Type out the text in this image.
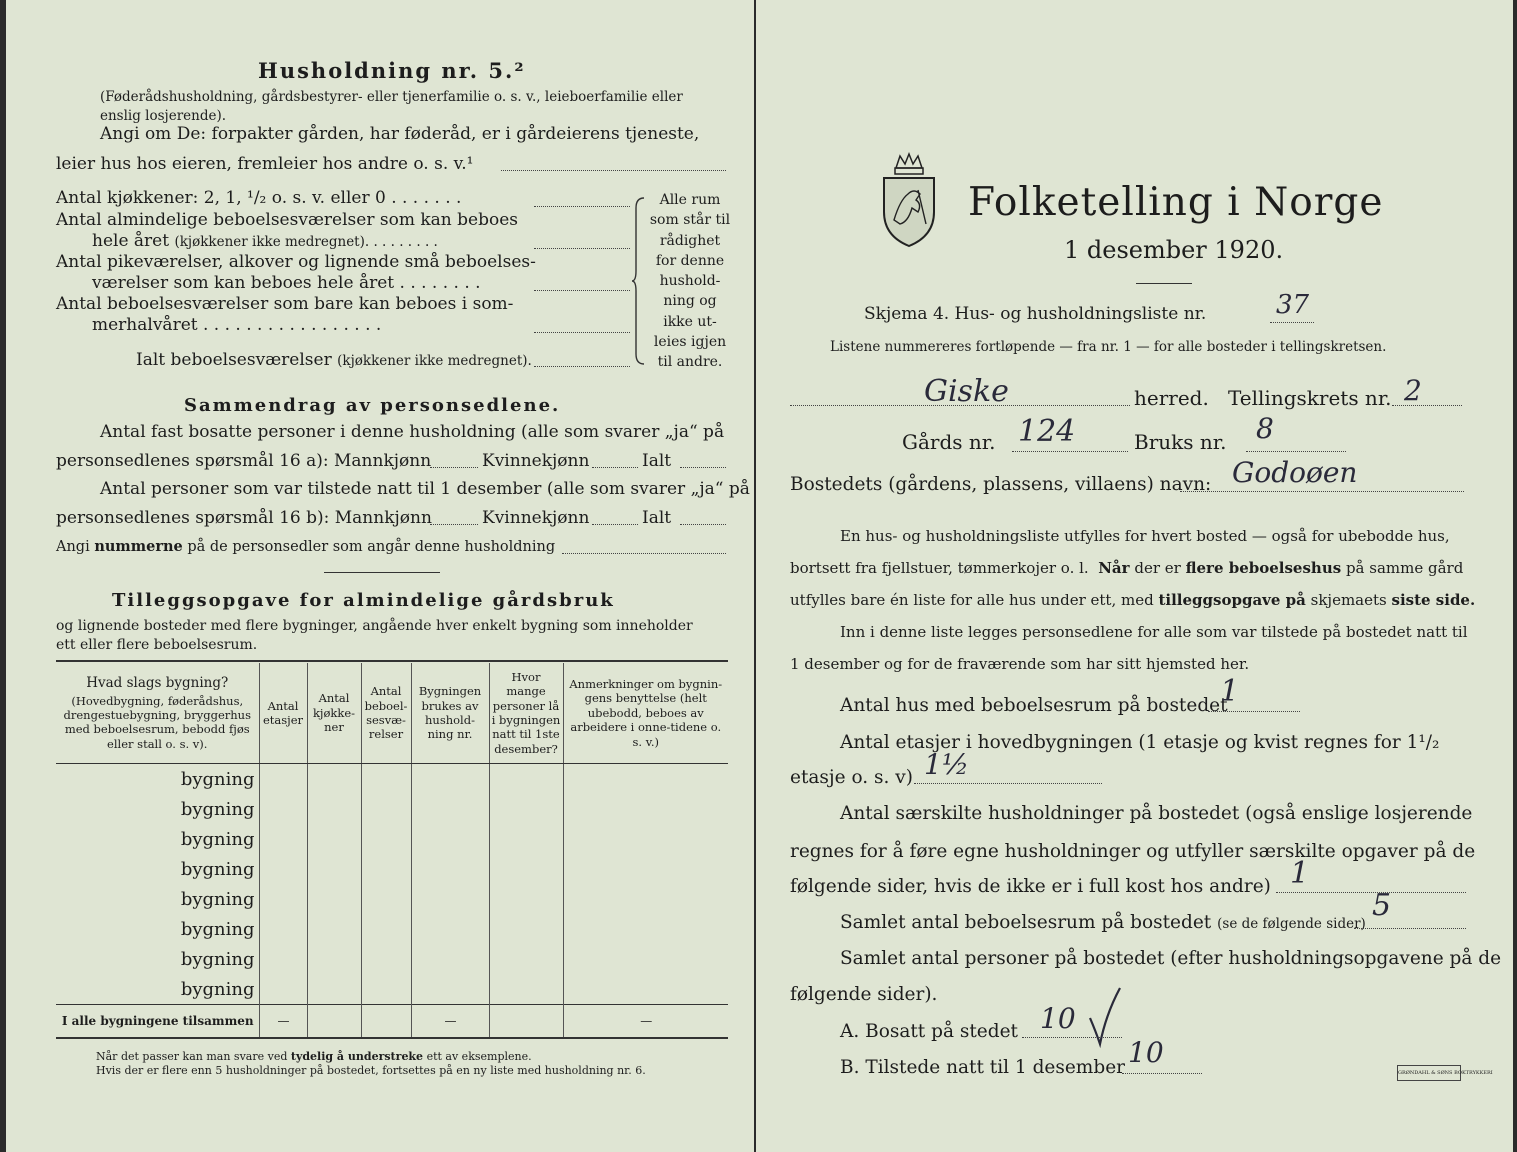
Husholdning nr. 5.²
(Føderådshusholdning, gårdsbestyrer- eller tjenerfamilie o. s. v., leieboerfamilie eller enslig losjerende).
Angi om De: forpakter gården, har føderåd, er i gårdeierens tjeneste,
leier hus hos eieren, fremleier hos andre o. s. v.¹
Antal kjøkkener: 2, 1, ¹/₂ o. s. v. eller 0 . . . . . . .
Antal almindelige beboelsesværelser som kan beboes
hele året (kjøkkener ikke medregnet). . . . . . . . .
Antal pikeværelser, alkover og lignende små beboelses-
værelser som kan beboes hele året . . . . . . . .
Antal beboelsesværelser som bare kan beboes i som-
merhalvåret . . . . . . . . . . . . . . . . .
Ialt beboelsesværelser (kjøkkener ikke medregnet).
Alle rum
som står til
rådighet
for denne
hushold-
ning og
ikke ut-
leies igjen
til andre.
Sammendrag av personsedlene.
Antal fast bosatte personer i denne husholdning (alle som svarer „ja“ på
personsedlenes spørsmål 16 a): Mannkjønn	Kvinnekjønn	Ialt
Antal personer som var tilstede natt til 1 desember (alle som svarer „ja“ på
personsedlenes spørsmål 16 b): Mannkjønn	Kvinnekjønn	Ialt
Angi nummerne på de personsedler som angår denne husholdning
Tilleggsopgave for almindelige gårdsbruk
og lignende bosteder med flere bygninger, angående hver enkelt bygning som inneholder
ett eller flere beboelsesrum.
Hvad slags bygning?
(Hovedbygning, føderådshus, drengestuebygning, bryggerhus med beboelsesrum, bebodd fjøs eller stall o. s. v).	Antal etasjer	Antal kjøkke-ner	Antal beboel-sesvæ-relser	Bygningen brukes av hushold-ning nr.	Hvor mange personer lå i bygningen natt til 1ste desember?	Anmerkninger om bygnin-gens benyttelse (helt ubebodd, beboes av arbeidere i onne-tidene o. s. v.)
bygning						
bygning						
bygning						
bygning						
bygning						
bygning						
bygning						
bygning						
I alle bygningene tilsammen	—			—		—
Når det passer kan man svare ved tydelig å understreke ett av eksemplene.
Hvis der er flere enn 5 husholdninger på bostedet, fortsettes på en ny liste med husholdning nr. 6.
Folketelling i Norge
1 desember 1920.
Skjema 4. Hus- og husholdningsliste nr.	37
Listene nummereres fortløpende — fra nr. 1 — for alle bosteder i tellingskretsen.
Giske	herred. Tellingskrets nr. 2
Gårds nr. 124	Bruks nr. 8
Bostedets (gårdens, plassens, villaens) navn: Godoøen
En hus- og husholdningsliste utfylles for hvert bosted — også for ubebodde hus,
bortsett fra fjellstuer, tømmerkojer o. l. Når der er flere beboelseshus på samme gård
utfylles bare én liste for alle hus under ett, med tilleggsopgave på skjemaets siste side.
Inn i denne liste legges personsedlene for alle som var tilstede på bostedet natt til
1 desember og for de fraværende som har sitt hjemsted her.
Antal hus med beboelsesrum på bostedet
1
Antal etasjer i hovedbygningen (1 etasje og kvist regnes for 1¹/₂
etasje o. s. v) 1½
Antal særskilte husholdninger på bostedet (også enslige losjerende
regnes for å føre egne husholdninger og utfyller særskilte opgaver på de
følgende sider, hvis de ikke er i full kost hos andre) 1
Samlet antal beboelsesrum på bostedet (se de følgende sider)
5
Samlet antal personer på bostedet (efter husholdningsopgavene på de
følgende sider).
A. Bosatt på stedet 10
B. Tilstede natt til 1 desember 10
GRØNDAHL & SØNS BOKTRYKKERI
